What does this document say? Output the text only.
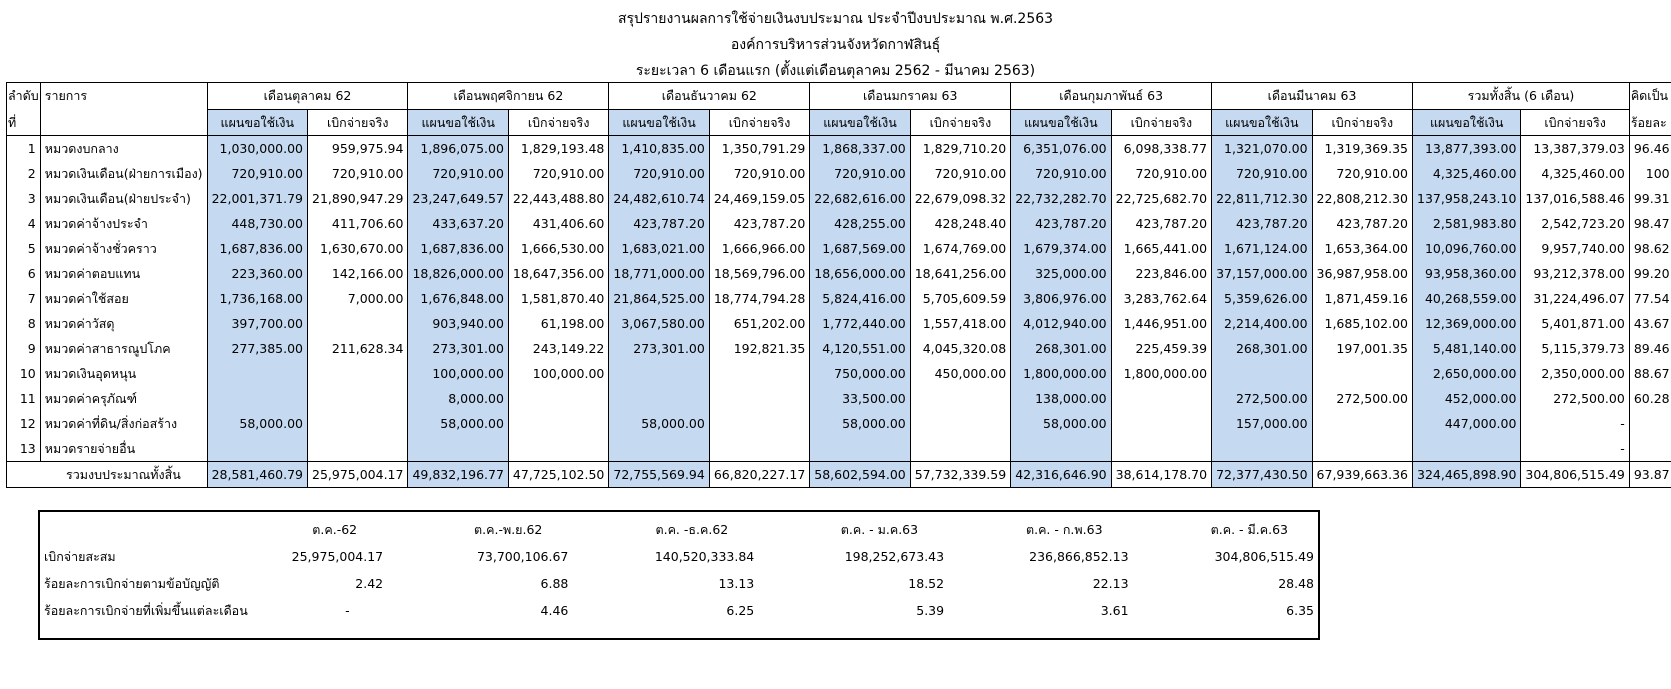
สรุปรายงานผลการใช้จ่ายเงินงบประมาณ ประจำปีงบประมาณ พ.ศ.2563
องค์การบริหารส่วนจังหวัดกาฬสินธุ์
ระยะเวลา 6 เดือนแรก (ตั้งแต่เดือนตุลาคม 2562 - มีนาคม 2563)
ลำดับ	รายการ	เดือนตุลาคม 62		เดือนพฤศจิกายน 62		เดือนธันวาคม 62		เดือนมกราคม 63		เดือนกุมภาพันธ์ 63		เดือนมีนาคม 63		รวมทั้งสิ้น (6 เดือน)		คิดเป็น
ที่		แผนขอใช้เงิน	เบิกจ่ายจริง	แผนขอใช้เงิน	เบิกจ่ายจริง	แผนขอใช้เงิน	เบิกจ่ายจริง	แผนขอใช้เงิน	เบิกจ่ายจริง	แผนขอใช้เงิน	เบิกจ่ายจริง	แผนขอใช้เงิน	เบิกจ่ายจริง	แผนขอใช้เงิน	เบิกจ่ายจริง	ร้อยละ
1	หมวดงบกลาง	1,030,000.00	959,975.94	1,896,075.00	1,829,193.48	1,410,835.00	1,350,791.29	1,868,337.00	1,829,710.20	6,351,076.00	6,098,338.77	1,321,070.00	1,319,369.35	13,877,393.00	13,387,379.03	96.46
2	หมวดเงินเดือน(ฝ่ายการเมือง)	720,910.00	720,910.00	720,910.00	720,910.00	720,910.00	720,910.00	720,910.00	720,910.00	720,910.00	720,910.00	720,910.00	720,910.00	4,325,460.00	4,325,460.00	100
3	หมวดเงินเดือน(ฝ่ายประจำ)	22,001,371.79	21,890,947.29	23,247,649.57	22,443,488.80	24,482,610.74	24,469,159.05	22,682,616.00	22,679,098.32	22,732,282.70	22,725,682.70	22,811,712.30	22,808,212.30	137,958,243.10	137,016,588.46	99.31
4	หมวดค่าจ้างประจำ	448,730.00	411,706.60	433,637.20	431,406.60	423,787.20	423,787.20	428,255.00	428,248.40	423,787.20	423,787.20	423,787.20	423,787.20	2,581,983.80	2,542,723.20	98.47
5	หมวดค่าจ้างชั่วคราว	1,687,836.00	1,630,670.00	1,687,836.00	1,666,530.00	1,683,021.00	1,666,966.00	1,687,569.00	1,674,769.00	1,679,374.00	1,665,441.00	1,671,124.00	1,653,364.00	10,096,760.00	9,957,740.00	98.62
6	หมวดค่าตอบแทน	223,360.00	142,166.00	18,826,000.00	18,647,356.00	18,771,000.00	18,569,796.00	18,656,000.00	18,641,256.00	325,000.00	223,846.00	37,157,000.00	36,987,958.00	93,958,360.00	93,212,378.00	99.20
7	หมวดค่าใช้สอย	1,736,168.00	7,000.00	1,676,848.00	1,581,870.40	21,864,525.00	18,774,794.28	5,824,416.00	5,705,609.59	3,806,976.00	3,283,762.64	5,359,626.00	1,871,459.16	40,268,559.00	31,224,496.07	77.54
8	หมวดค่าวัสดุ	397,700.00		903,940.00	61,198.00	3,067,580.00	651,202.00	1,772,440.00	1,557,418.00	4,012,940.00	1,446,951.00	2,214,400.00	1,685,102.00	12,369,000.00	5,401,871.00	43.67
9	หมวดค่าสาธารณูปโภค	277,385.00	211,628.34	273,301.00	243,149.22	273,301.00	192,821.35	4,120,551.00	4,045,320.08	268,301.00	225,459.39	268,301.00	197,001.35	5,481,140.00	5,115,379.73	89.46
10	หมวดเงินอุดหนุน			100,000.00	100,000.00			750,000.00	450,000.00	1,800,000.00	1,800,000.00			2,650,000.00	2,350,000.00	88.67
11	หมวดค่าครุภัณฑ์			8,000.00				33,500.00		138,000.00		272,500.00	272,500.00	452,000.00	272,500.00	60.28
12	หมวดค่าที่ดิน/สิ่งก่อสร้าง	58,000.00		58,000.00		58,000.00		58,000.00		58,000.00		157,000.00		447,000.00	-	
13	หมวดรายจ่ายอื่น														-	
	รวมงบประมาณทั้งสิ้น	28,581,460.79	25,975,004.17	49,832,196.77	47,725,102.50	72,755,569.94	66,820,227.17	58,602,594.00	57,732,339.59	42,316,646.90	38,614,178.70	72,377,430.50	67,939,663.36	324,465,898.90	304,806,515.49	93.87
	ต.ค.-62	ต.ค.-พ.ย.62	ต.ค. -ธ.ค.62	ต.ค. - ม.ค.63	ต.ค. - ก.พ.63	ต.ค. - มี.ค.63
เบิกจ่ายสะสม	25,975,004.17	73,700,106.67	140,520,333.84	198,252,673.43	236,866,852.13	304,806,515.49
ร้อยละการเบิกจ่ายตามข้อบัญญัติ	2.42	6.88	13.13	18.52	22.13	28.48
ร้อยละการเบิกจ่ายที่เพิ่มขึ้นแต่ละเดือน	-	4.46	6.25	5.39	3.61	6.35
